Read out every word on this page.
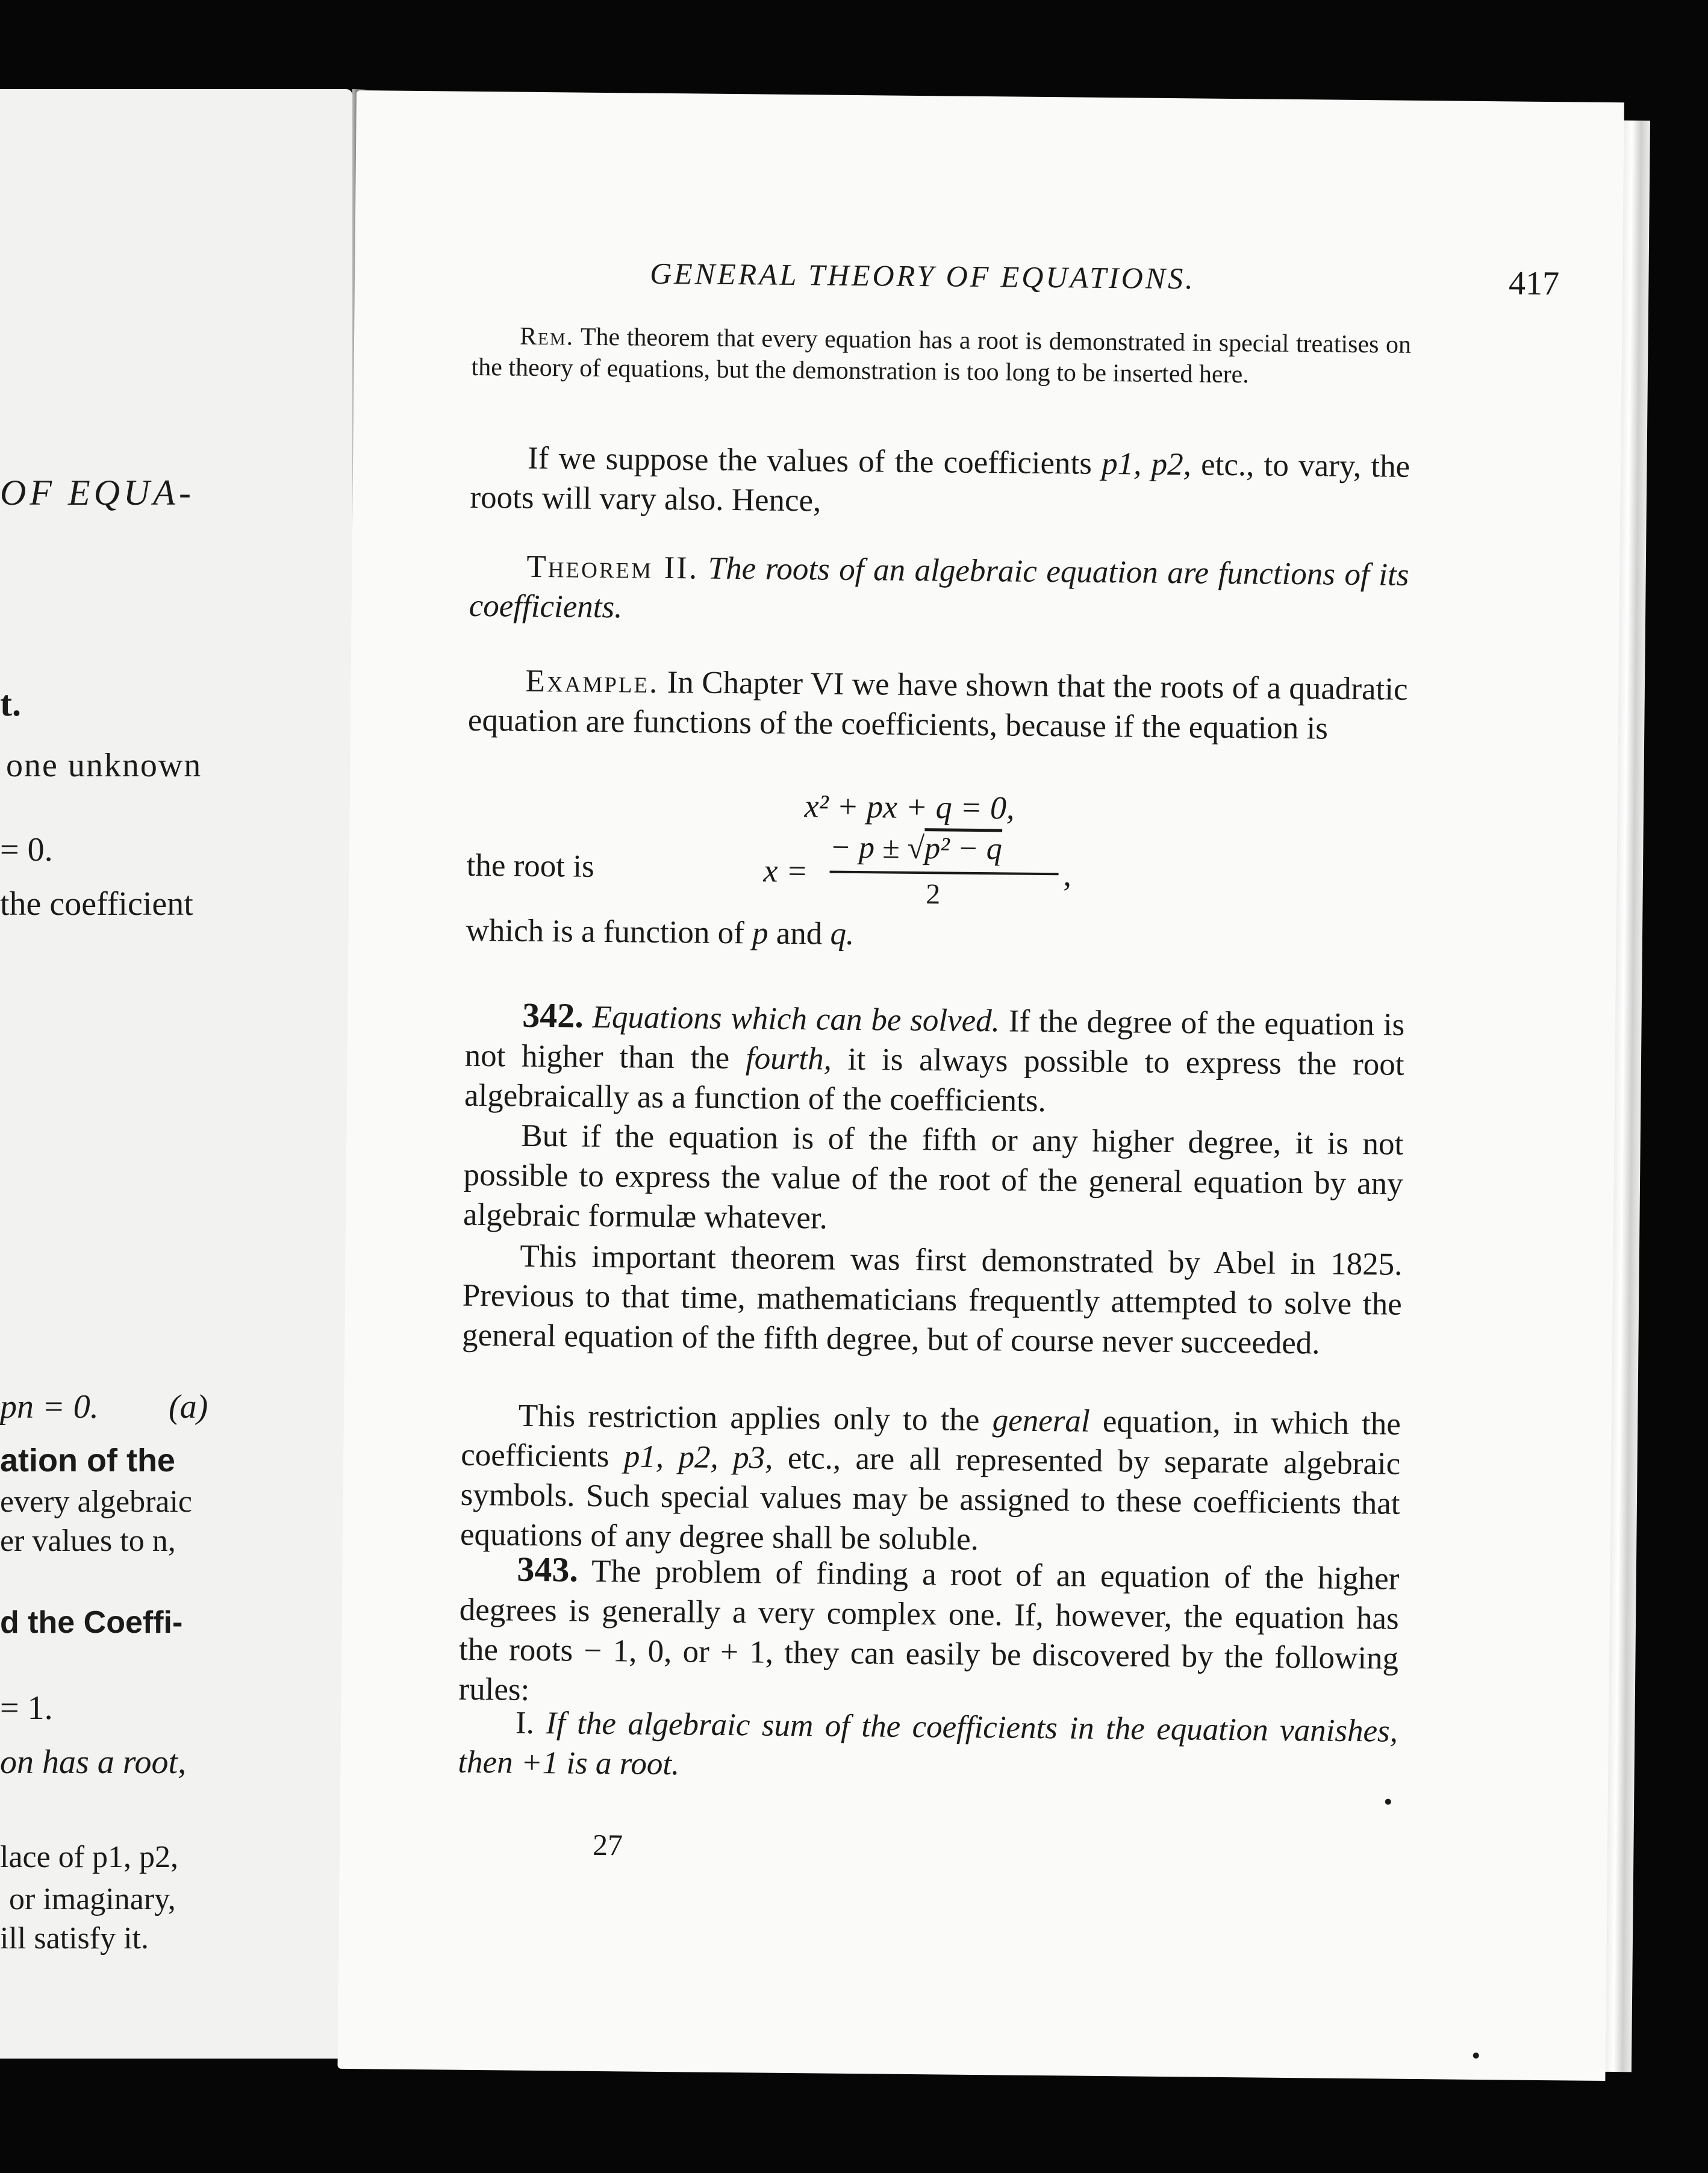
OF EQUA-
t.
one unknown
= 0.
the coefficient
pn = 0. (a)
ation of the
every algebraic
er values to n,
d the Coeffi-
= 1.
on has a root,
lace of p1, p2,
or imaginary,
ill satisfy it.
GENERAL THEORY OF EQUATIONS.	417

Rem. The theorem that every equation has a root is demonstrated in special treatises on the theory of equations, but the demonstration is too long to be inserted here.

If we suppose the values of the coefficients p1, p2, etc., to vary, the roots will vary also. Hence,

Theorem II. The roots of an algebraic equation are functions of its coefficients.

Example. In Chapter VI we have shown that the roots of a quadratic equation are functions of the coefficients, because if the equation is

x² + px + q = 0,
the root is	x =
− p ± √p² − q
2
,

which is a function of p and q.

342. Equations which can be solved. If the degree of the equation is not higher than the fourth, it is always possible to express the root algebraically as a function of the coefficients.

But if the equation is of the fifth or any higher degree, it is not possible to express the value of the root of the general equation by any algebraic formulæ whatever.

This important theorem was first demonstrated by Abel in 1825. Previous to that time, mathematicians frequently attempted to solve the general equation of the fifth degree, but of course never succeeded.

This restriction applies only to the general equation, in which the coefficients p1, p2, p3, etc., are all represented by separate algebraic symbols. Such special values may be assigned to these coefficients that equations of any degree shall be soluble.

343. The problem of finding a root of an equation of the higher degrees is generally a very complex one. If, however, the equation has the roots − 1, 0, or + 1, they can easily be discovered by the following rules:

I. If the algebraic sum of the coefficients in the equation vanishes, then +1 is a root.

27
